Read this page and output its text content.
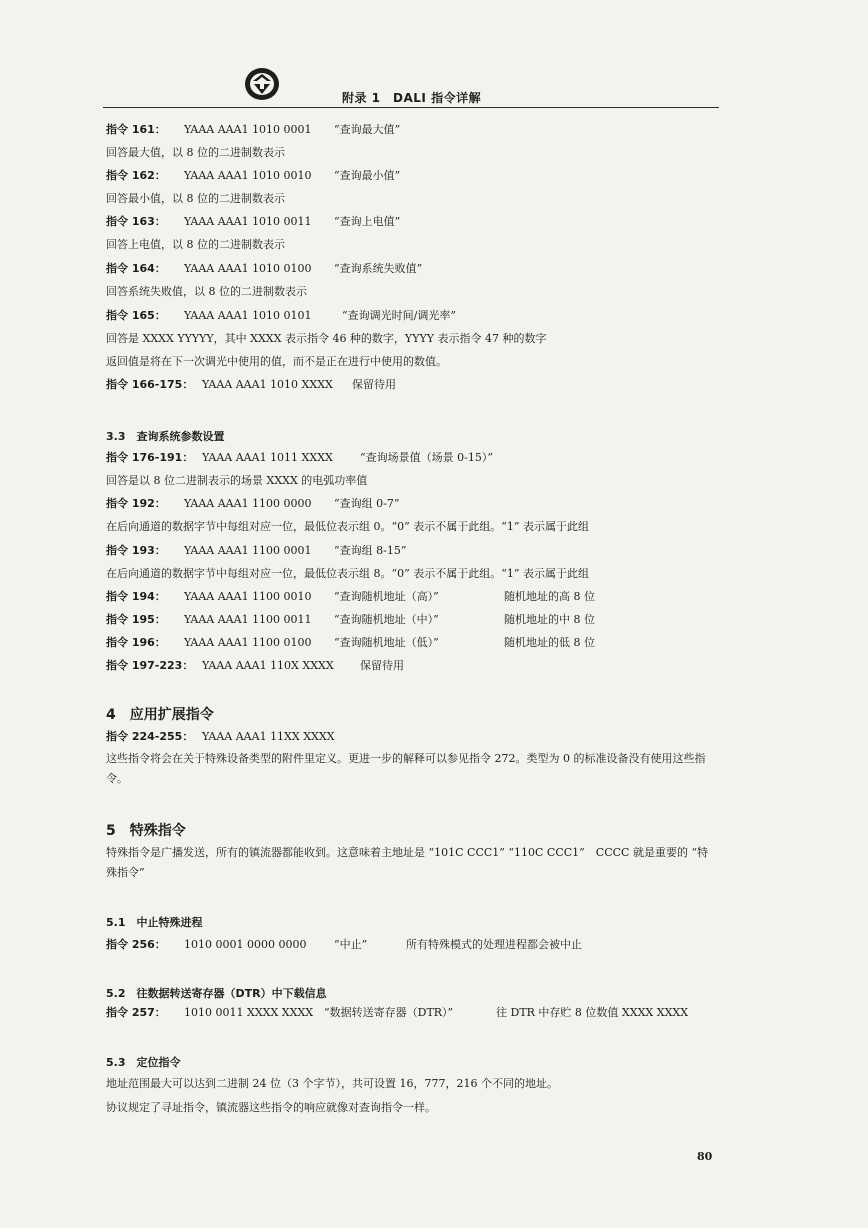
附录 1　DALI 指令详解
指令 161： YAAA AAA1 1010 0001 “查询最大值”
回答最大值，以 8 位的二进制数表示
指令 162： YAAA AAA1 1010 0010 “查询最小值”
回答最小值，以 8 位的二进制数表示
指令 163： YAAA AAA1 1010 0011 “查询上电值”
回答上电值，以 8 位的二进制数表示
指令 164： YAAA AAA1 1010 0100 “查询系统失败值”
回答系统失败值，以 8 位的二进制数表示
指令 165： YAAA AAA1 1010 0101	“查询调光时间/调光率”
回答是 XXXX YYYYY，其中 XXXX 表示指令 46 种的数字，YYYY 表示指令 47 种的数字
返回值是将在下一次调光中使用的值，而不是正在进行中使用的数值。
指令 166-175： YAAA AAA1 1010 XXXX 保留待用
3.3　查询系统参数设置
指令 176-191： YAAA AAA1 1011 XXXX “查询场景值（场景 0-15）”
回答是以 8 位二进制表示的场景 XXXX 的电弧功率值
指令 192： YAAA AAA1 1100 0000 “查询组 0-7”
在后向通道的数据字节中每组对应一位，最低位表示组 0。“0” 表示不属于此组。“1” 表示属于此组
指令 193： YAAA AAA1 1100 0001 “查询组 8-15”
在后向通道的数据字节中每组对应一位，最低位表示组 8。“0” 表示不属于此组。“1” 表示属于此组
指令 194： YAAA AAA1 1100 0010 “查询随机地址（高）”	随机地址的高 8 位
指令 195： YAAA AAA1 1100 0011 “查询随机地址（中）”	随机地址的中 8 位
指令 196： YAAA AAA1 1100 0100 “查询随机地址（低）”	随机地址的低 8 位
指令 197-223： YAAA AAA1 110X XXXX 保留待用
4　应用扩展指令
指令 224-255： YAAA AAA1 11XX XXXX
这些指令将会在关于特殊设备类型的附件里定义。更进一步的解释可以参见指令 272。类型为 0 的标准设备没有使用这些指令。
5　特殊指令
特殊指令是广播发送，所有的镇流器都能收到。这意味着主地址是 “101C CCC1” “110C CCC1”　CCCC 就是重要的 “特殊指令”
5.1　中止特殊进程
指令 256： 1010 0001 0000 0000	“中止”	所有特殊模式的处理进程都会被中止
5.2　往数据转送寄存器（DTR）中下载信息
指令 257： 1010 0011 XXXX XXXX “数据转送寄存器（DTR）”	往 DTR 中存贮 8 位数值 XXXX XXXX
5.3　定位指令
地址范围最大可以达到二进制 24 位（3 个字节），共可设置 16，777，216 个不同的地址。
协议规定了寻址指令，镇流器这些指令的响应就像对查询指令一样。
80
